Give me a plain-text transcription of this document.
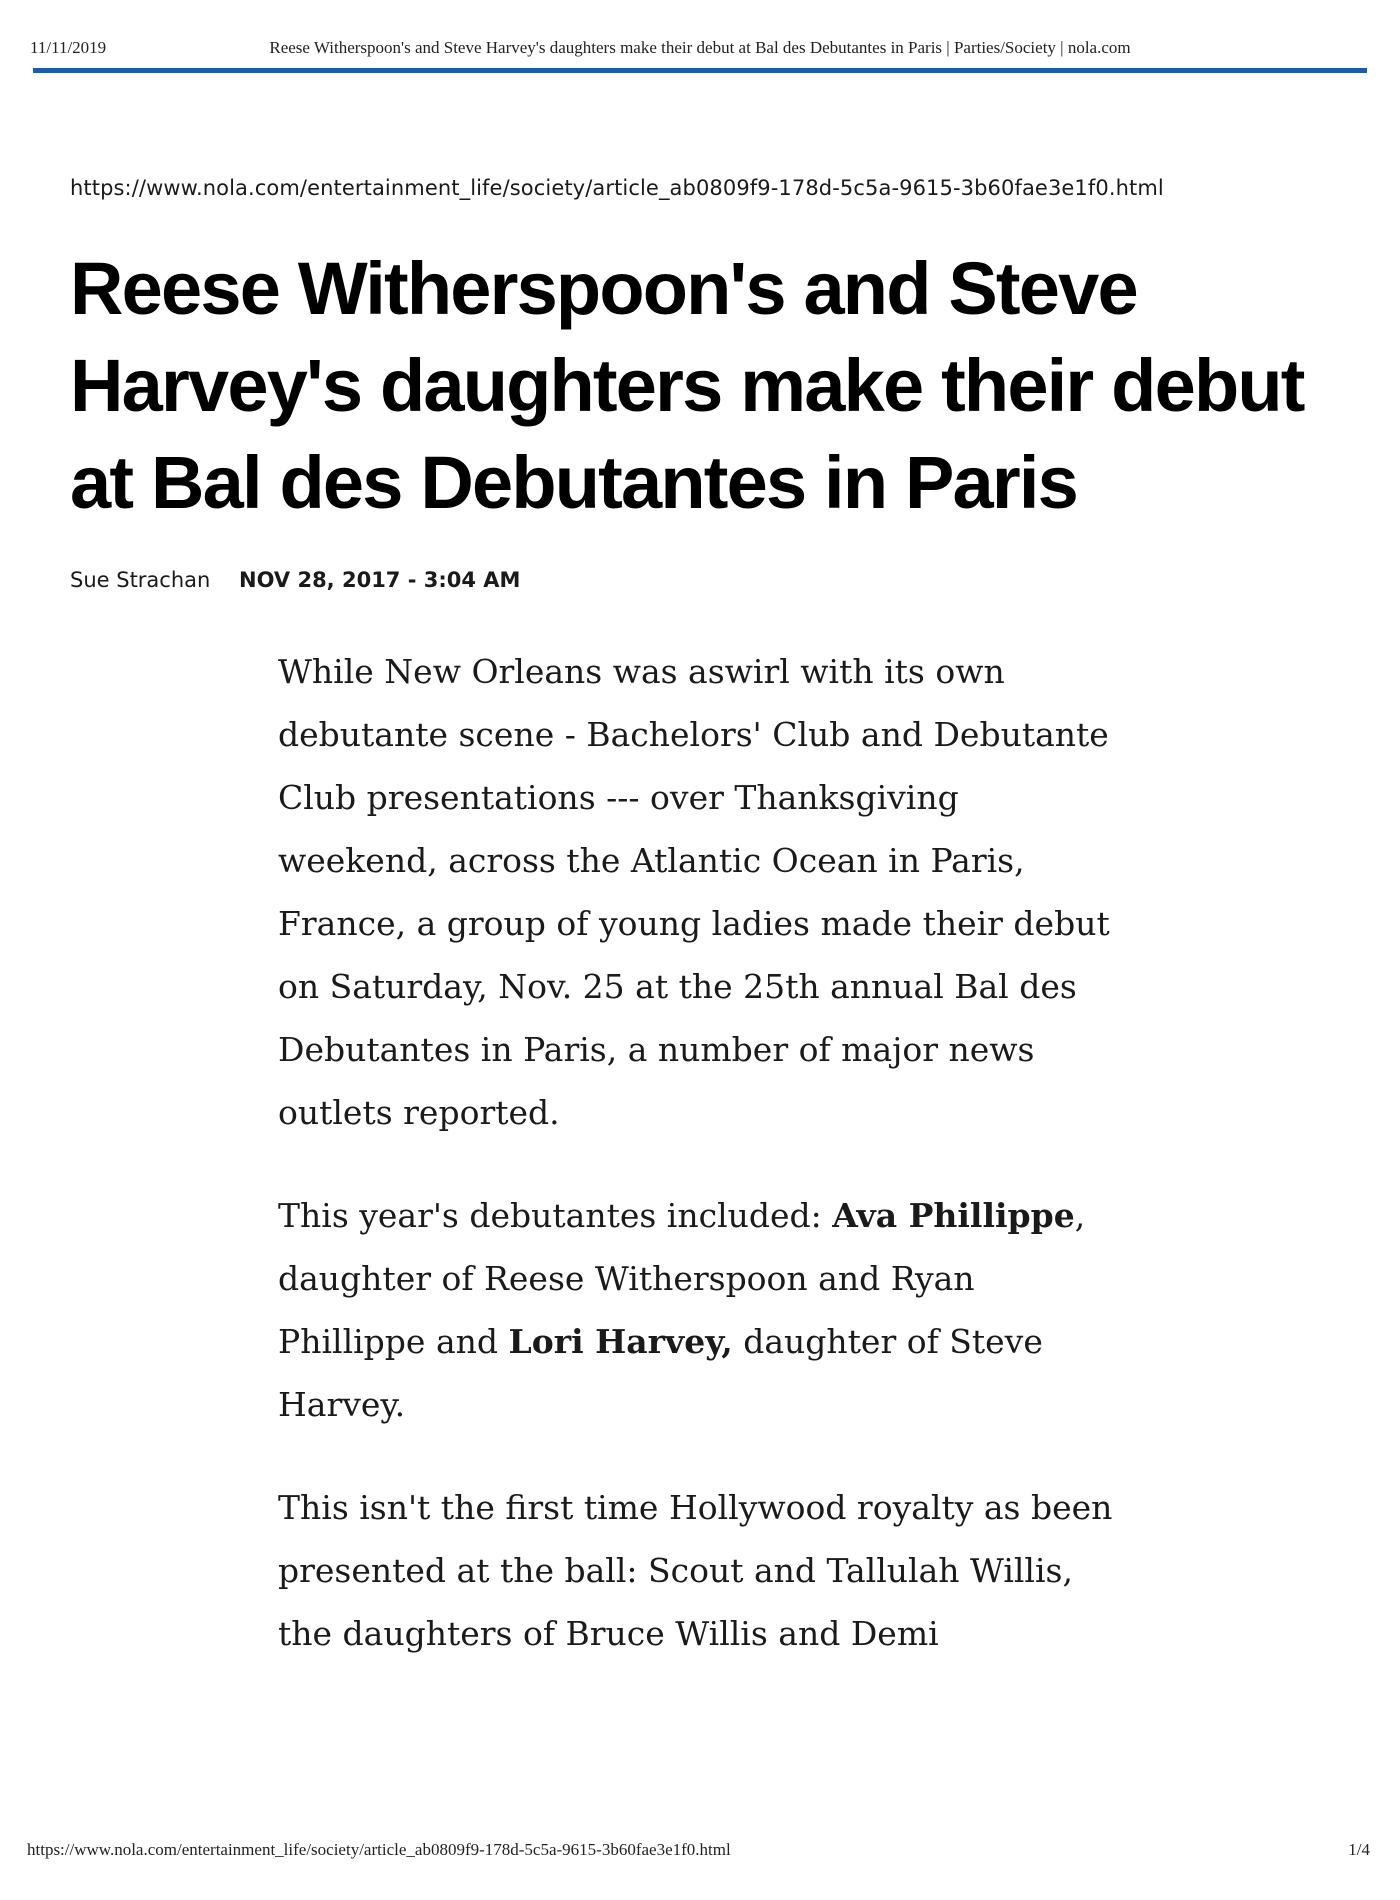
11/11/2019	Reese Witherspoon's and Steve Harvey's daughters make their debut at Bal des Debutantes in Paris | Parties/Society | nola.com
https://www.nola.com/entertainment_life/society/article_ab0809f9-178d-5c5a-9615-3b60fae3e1f0.html
Reese Witherspoon's and Steve Harvey's daughters make their debut at Bal des Debutantes in Paris
Sue Strachan NOV 28, 2017 - 3:04 AM

While New Orleans was aswirl with its own debutante scene - Bachelors' Club and Debutante Club presentations --- over Thanksgiving weekend, across the Atlantic Ocean in Paris, France, a group of young ladies made their debut on Saturday, Nov. 25 at the 25th annual Bal des Debutantes in Paris, a number of major news outlets reported.

This year's debutantes included: Ava Phillippe, daughter of Reese Witherspoon and Ryan Phillippe and Lori Harvey, daughter of Steve Harvey.

This isn't the first time Hollywood royalty as been presented at the ball: Scout and Tallulah Willis, the daughters of Bruce Willis and Demi

https://www.nola.com/entertainment_life/society/article_ab0809f9-178d-5c5a-9615-3b60fae3e1f0.html	1/4
